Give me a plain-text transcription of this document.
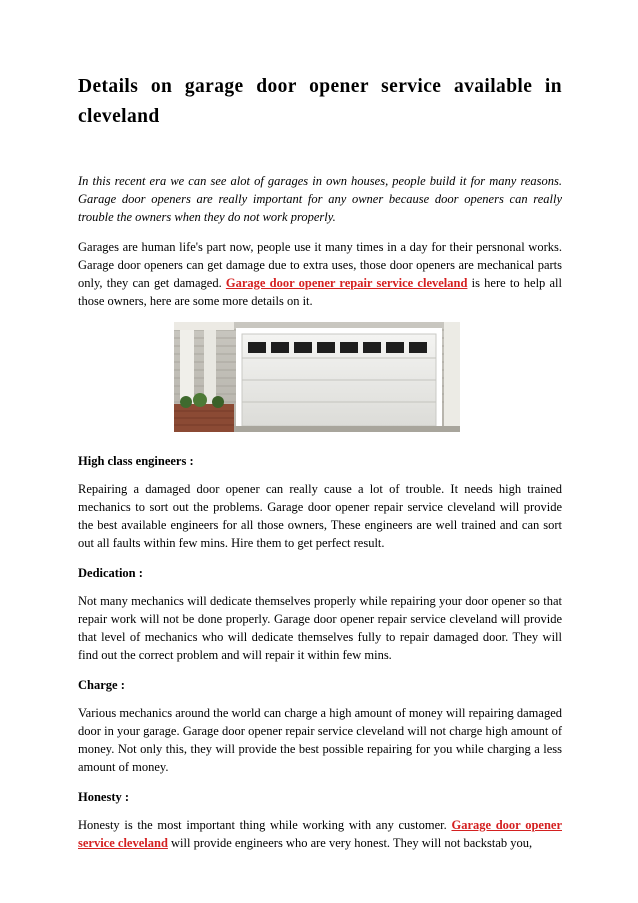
Details on garage door opener service available in cleveland

In this recent era we can see alot of garages in own houses, people build it for many reasons. Garage door openers are really important for any owner because door openers can really trouble the owners when they do not work properly.

Garages are human life's part now, people use it many times in a day for their persnonal works. Garage door openers can get damage due to extra uses, those door openers are mechanical parts only, they can get damaged. Garage door opener repair service cleveland is here to help all those owners, here are some more details on it.

High class engineers :

Repairing a damaged door opener can really cause a lot of trouble. It needs high trained mechanics to sort out the problems. Garage door opener repair service cleveland will provide the best available engineers for all those owners, These engineers are well trained and can sort out all faults within few mins. Hire them to get perfect result.

Dedication :

Not many mechanics will dedicate themselves properly while repairing your door opener so that repair work will not be done properly. Garage door opener repair service cleveland will provide that level of mechanics who will dedicate themselves fully to repair damaged door. They will find out the correct problem and will repair it within few mins.

Charge :

Various mechanics around the world can charge a high amount of money will repairing damaged door in your garage. Garage door opener repair service cleveland will not charge high amount of money. Not only this, they will provide the best possible repairing for you while charging a less amount of money.

Honesty :

Honesty is the most important thing while working with any customer. Garage door opener service cleveland will provide engineers who are very honest. They will not backstab you,
